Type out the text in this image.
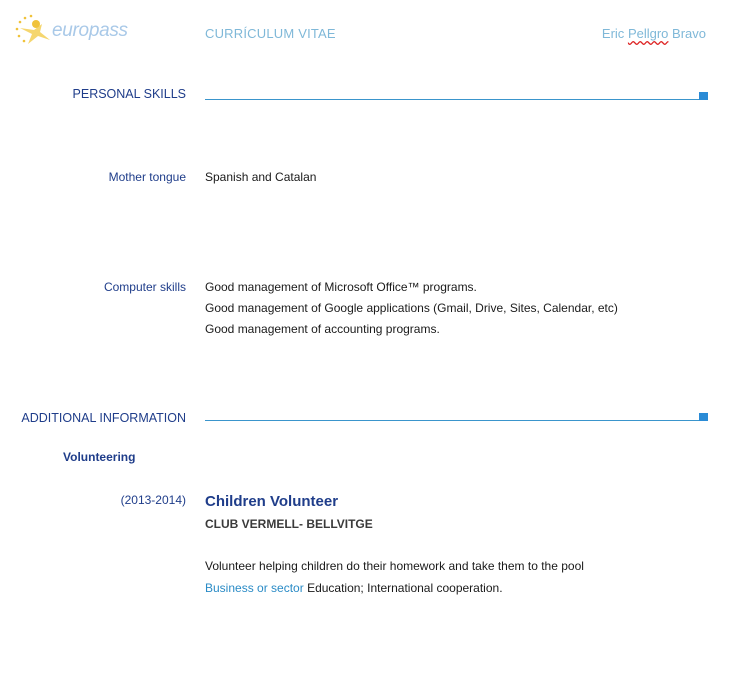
europass	CURRÍCULUM VITAE	Eric Pellgro Bravo
PERSONAL SKILLS
Mother tongue Spanish and Catalan
Computer skills Good management of Microsoft Office™ programs.
Good management of Google applications (Gmail, Drive, Sites, Calendar, etc)
Good management of accounting programs.
ADDITIONAL INFORMATION
Volunteering
(2013-2014) Children Volunteer
CLUB VERMELL- BELLVITGE
Volunteer helping children do their homework and take them to the pool
Business or sector Education; International cooperation.
